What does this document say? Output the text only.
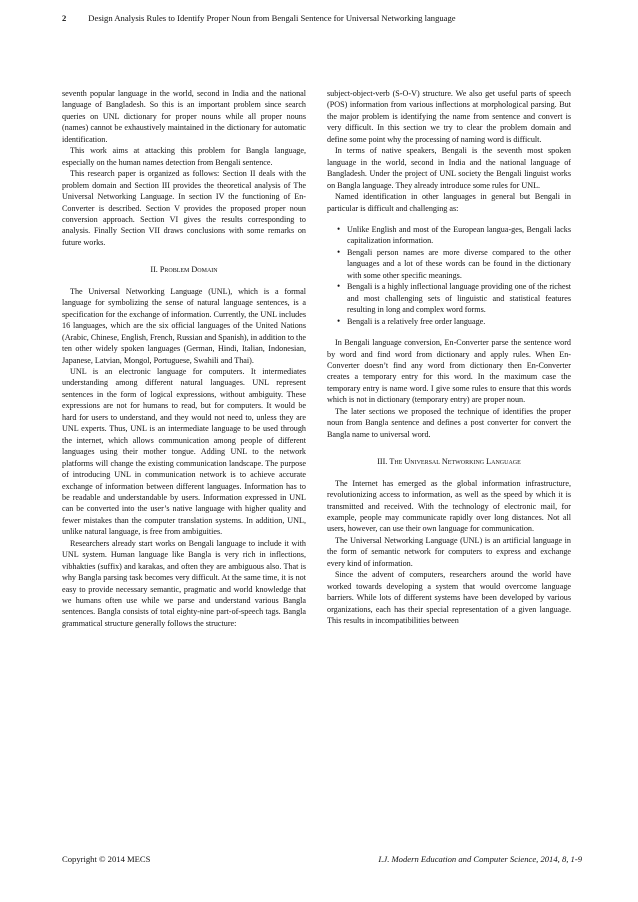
2	Design Analysis Rules to Identify Proper Noun from Bengali Sentence for Universal Networking language

seventh popular language in the world, second in India and the national language of Bangladesh. So this is an important problem since search queries on UNL dictionary for proper nouns while all proper nouns (names) cannot be exhaustively maintained in the dictionary for automatic identification.

This work aims at attacking this problem for Bangla language, especially on the human names detection from Bengali sentence.

This research paper is organized as follows: Section II deals with the problem domain and Section III provides the theoretical analysis of The Universal Networking Language. In section IV the functioning of En-Converter is described. Section V provides the proposed proper noun conversion approach. Section VI gives the results corresponding to analysis. Finally Section VII draws conclusions with some remarks on future works.

II. Problem Domain

The Universal Networking Language (UNL), which is a formal language for symbolizing the sense of natural language sentences, is a specification for the exchange of information. Currently, the UNL includes 16 languages, which are the six official languages of the United Nations (Arabic, Chinese, English, French, Russian and Spanish), in addition to the ten other widely spoken languages (German, Hindi, Italian, Indonesian, Japanese, Latvian, Mongol, Portuguese, Swahili and Thai).

UNL is an electronic language for computers. It intermediates understanding among different natural languages. UNL represent sentences in the form of logical expressions, without ambiguity. These expressions are not for humans to read, but for computers. It would be hard for users to understand, and they would not need to, unless they are UNL experts. Thus, UNL is an intermediate language to be used through the internet, which allows communication among people of different languages using their mother tongue. Adding UNL to the network platforms will change the existing communication landscape. The purpose of introducing UNL in communication network is to achieve accurate exchange of information between different languages. Information has to be readable and understandable by users. Information expressed in UNL can be converted into the user’s native language with higher quality and fewer mistakes than the computer translation systems. In addition, UNL, unlike natural language, is free from ambiguities.

Researchers already start works on Bengali language to include it with UNL system. Human language like Bangla is very rich in inflections, vibhakties (suffix) and karakas, and often they are ambiguous also. That is why Bangla parsing task becomes very difficult. At the same time, it is not easy to provide necessary semantic, pragmatic and world knowledge that we humans often use while we parse and understand various Bangla sentences. Bangla consists of total eighty-nine part-of-speech tags. Bangla grammatical structure generally follows the structure:

subject-object-verb (S-O-V) structure. We also get useful parts of speech (POS) information from various inflections at morphological parsing. But the major problem is identifying the name from sentence and convert is very difficult. In this section we try to clear the problem domain and define some point why the processing of naming word is difficult.

In terms of native speakers, Bengali is the seventh most spoken language in the world, second in India and the national language of Bangladesh. Under the project of UNL society the Bengali linguist works on Bangla language. They already introduce some rules for UNL.

Named identification in other languages in general but Bengali in particular is difficult and challenging as:

• Unlike English and most of the European langua-ges, Bengali lacks capitalization information.
• Bengali person names are more diverse compared to the other languages and a lot of these words can be found in the dictionary with some other specific meanings.
• Bengali is a highly inflectional language providing one of the richest and most challenging sets of linguistic and statistical features resulting in long and complex word forms.
• Bengali is a relatively free order language.

In Bengali language conversion, En-Converter parse the sentence word by word and find word from dictionary and apply rules. When En-Converter doesn’t find any word from dictionary then En-Converter creates a temporary entry for this word. In the maximum case the temporary entry is name word. I give some rules to ensure that this words which is not in dictionary (temporary entry) are proper noun.

The later sections we proposed the technique of identifies the proper noun from Bangla sentence and defines a post converter for convert the Bangla name to universal word.

III. The Universal Networking Language

The Internet has emerged as the global information infrastructure, revolutionizing access to information, as well as the speed by which it is transmitted and received. With the technology of electronic mail, for example, people may communicate rapidly over long distances. Not all users, however, can use their own language for communication.

The Universal Networking Language (UNL) is an artificial language in the form of semantic network for computers to express and exchange every kind of information.

Since the advent of computers, researchers around the world have worked towards developing a system that would overcome language barriers. While lots of different systems have been developed by various organizations, each has their special representation of a given language. This results in incompatibilities between

Copyright © 2014 MECS	I.J. Modern Education and Computer Science, 2014, 8, 1-9
